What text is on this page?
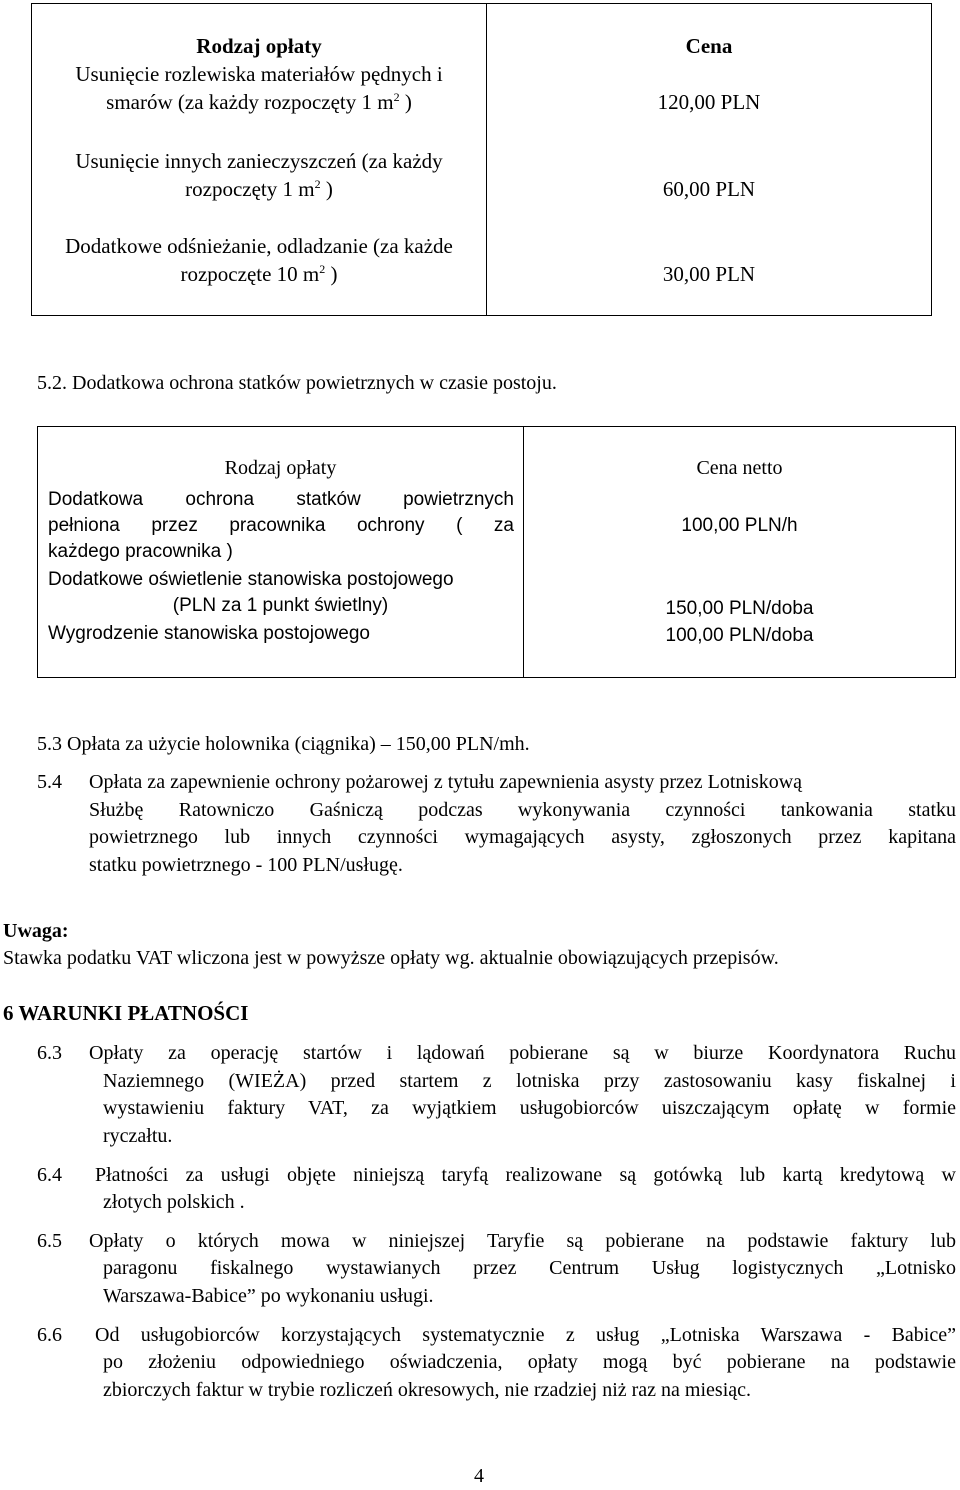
Rodzaj opłaty
Usunięcie rozlewiska materiałów pędnych i
smarów (za każdy rozpoczęty 1 $m^2$ )
Usunięcie innych zanieczyszczeń (za każdy
rozpoczęty 1 $m^2$ )
Dodatkowe odśnieżanie, odladzanie (za każde
rozpoczęte 10 $m^2$ )
Cena
120,00 PLN
60,00 PLN
30,00 PLN
5.2. Dodatkowa ochrona statków powietrznych w czasie postoju.
Rodzaj opłaty
Dodatkowa ochrona statków powietrznych
pełniona przez pracownika ochrony ( za
każdego pracownika )
Dodatkowe oświetlenie stanowiska postojowego
(PLN za 1 punkt świetlny)
Wygrodzenie stanowiska postojowego
Cena netto
100,00 PLN/h
150,00 PLN/doba
100,00 PLN/doba
5.3 Opłata za użycie holownika (ciągnika) – 150,00 PLN/mh.
5.4 Opłata za zapewnienie ochrony pożarowej z tytułu zapewnienia asysty przez Lotniskową
Służbę Ratowniczo Gaśniczą podczas wykonywania czynności tankowania statku
powietrznego lub innych czynności wymagających asysty, zgłoszonych przez kapitana
statku powietrznego - 100 PLN/usługę.
Uwaga:
Stawka podatku VAT wliczona jest w powyższe opłaty wg. aktualnie obowiązujących przepisów.
6 WARUNKI PŁATNOŚCI
6.3 Opłaty za operację startów i lądowań pobierane są w biurze Koordynatora Ruchu
Naziemnego (WIEŻA) przed startem z lotniska przy zastosowaniu kasy fiskalnej i
wystawieniu faktury VAT, za wyjątkiem usługobiorców uiszczającym opłatę w formie
ryczałtu.
6.4 Płatności za usługi objęte niniejszą taryfą realizowane są gotówką lub kartą kredytową w
złotych polskich .
6.5 Opłaty o których mowa w niniejszej Taryfie są pobierane na podstawie faktury lub
paragonu fiskalnego wystawianych przez Centrum Usług logistycznych „Lotnisko
Warszawa-Babice” po wykonaniu usługi.
6.6 Od usługobiorców korzystających systematycznie z usług „Lotniska Warszawa - Babice”
po złożeniu odpowiedniego oświadczenia, opłaty mogą być pobierane na podstawie
zbiorczych faktur w trybie rozliczeń okresowych, nie rzadziej niż raz na miesiąc.
4
